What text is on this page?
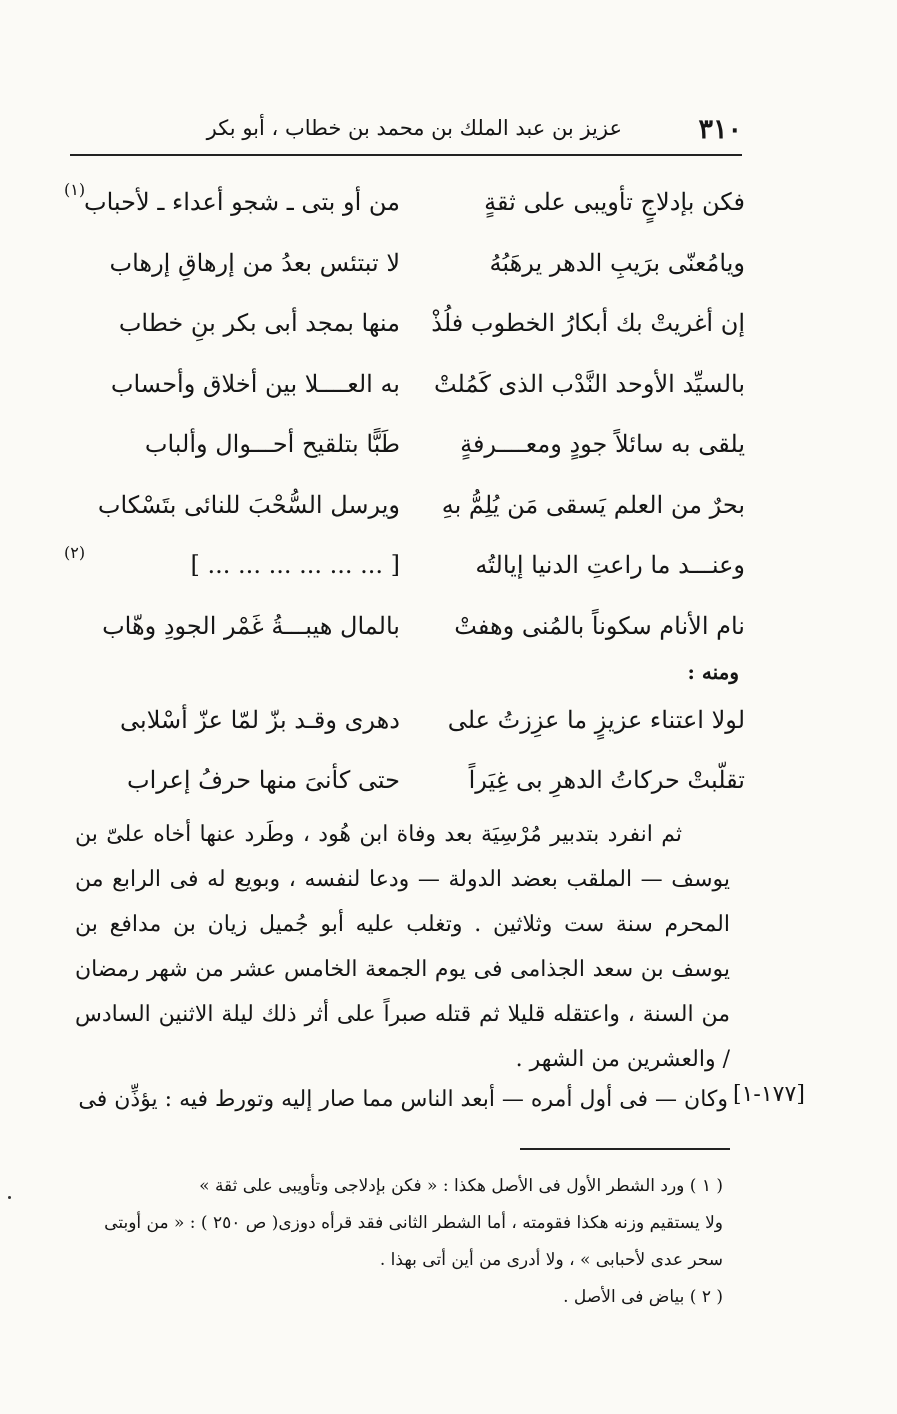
٣١٠
عزيز بن عبد الملك بن محمد بن خطاب ، أبو بكر
فكن بإدلاجٍ تأويبى على ثقةٍ
من أو بتى ـ شجو أعداء ـ لأحباب
(١)
ويامُعنّى برَيبِ الدهر يرهَبُهُ
لا تبتئس بعدُ من إرهاقِ إرهاب
إن أغريتْ بك أبكارُ الخطوب فلُذْ
منها بمجد أبى بكر بنِ خطاب
بالسيِّد الأوحد النَّدْب الذى كَمُلتْ
به العــــلا بين أخلاق وأحساب
يلقى به سائلاً جودٍ ومعــــرفةٍ
طَبًّا بتلقيح أحـــوال وألباب
بحرٌ من العلم يَسقى مَن يُلِمُّ بهِ
ويرسل السُّحْبَ للنائى بتَسْكاب
وعنـــد ما راعتِ الدنيا إيالتُه
[ ... ... ... ... ... ... ]
(٢)
نام الأنام سكوناً بالمُنى وهفتْ
بالمال هيبـــةُ غَمْر الجودِ وهّاب
ومنه :
لولا اعتناء عزيزٍ ما عزِزتُ على
دهرى وقـد بزّ لمّا عزّ أسْلابى
تقلّبتْ حركاتُ الدهرِ بى غِيَراً
حتى كأنىَ منها حرفُ إعراب
ثم انفرد بتدبير مُرْسِيَة بعد وفاة ابن هُود ، وطَرد عنها أخاه علىّ بن يوسف — الملقب بعضد الدولة — ودعا لنفسه ، وبويع له فى الرابع من المحرم سنة ست وثلاثين . وتغلب عليه أبو جُميل زيان بن مدافع بن يوسف بن سعد الجذامى فى يوم الجمعة الخامس عشر من شهر رمضان من السنة ، واعتقله قليلا ثم قتله صبراً على أثر ذلك ليلة الاثنين السادس / والعشرين من الشهر .
وكان — فى أول أمره — أبعد الناس مما صار إليه وتورط فيه : يؤذِّن فى [١٧٧-١]
( ١ ) ورد الشطر الأول فى الأصل هكذا : « فكن بإدلاجى وتأويبى على ثقة »
ولا يستقيم وزنه هكذا فقومته ، أما الشطر الثانى فقد قرأه دوزى( ص ٢٥٠ ) : « من أوبتى
سحر عدى لأحبابى » ، ولا أدرى من أين أتى بهذا .
( ٢ ) بياض فى الأصل .
